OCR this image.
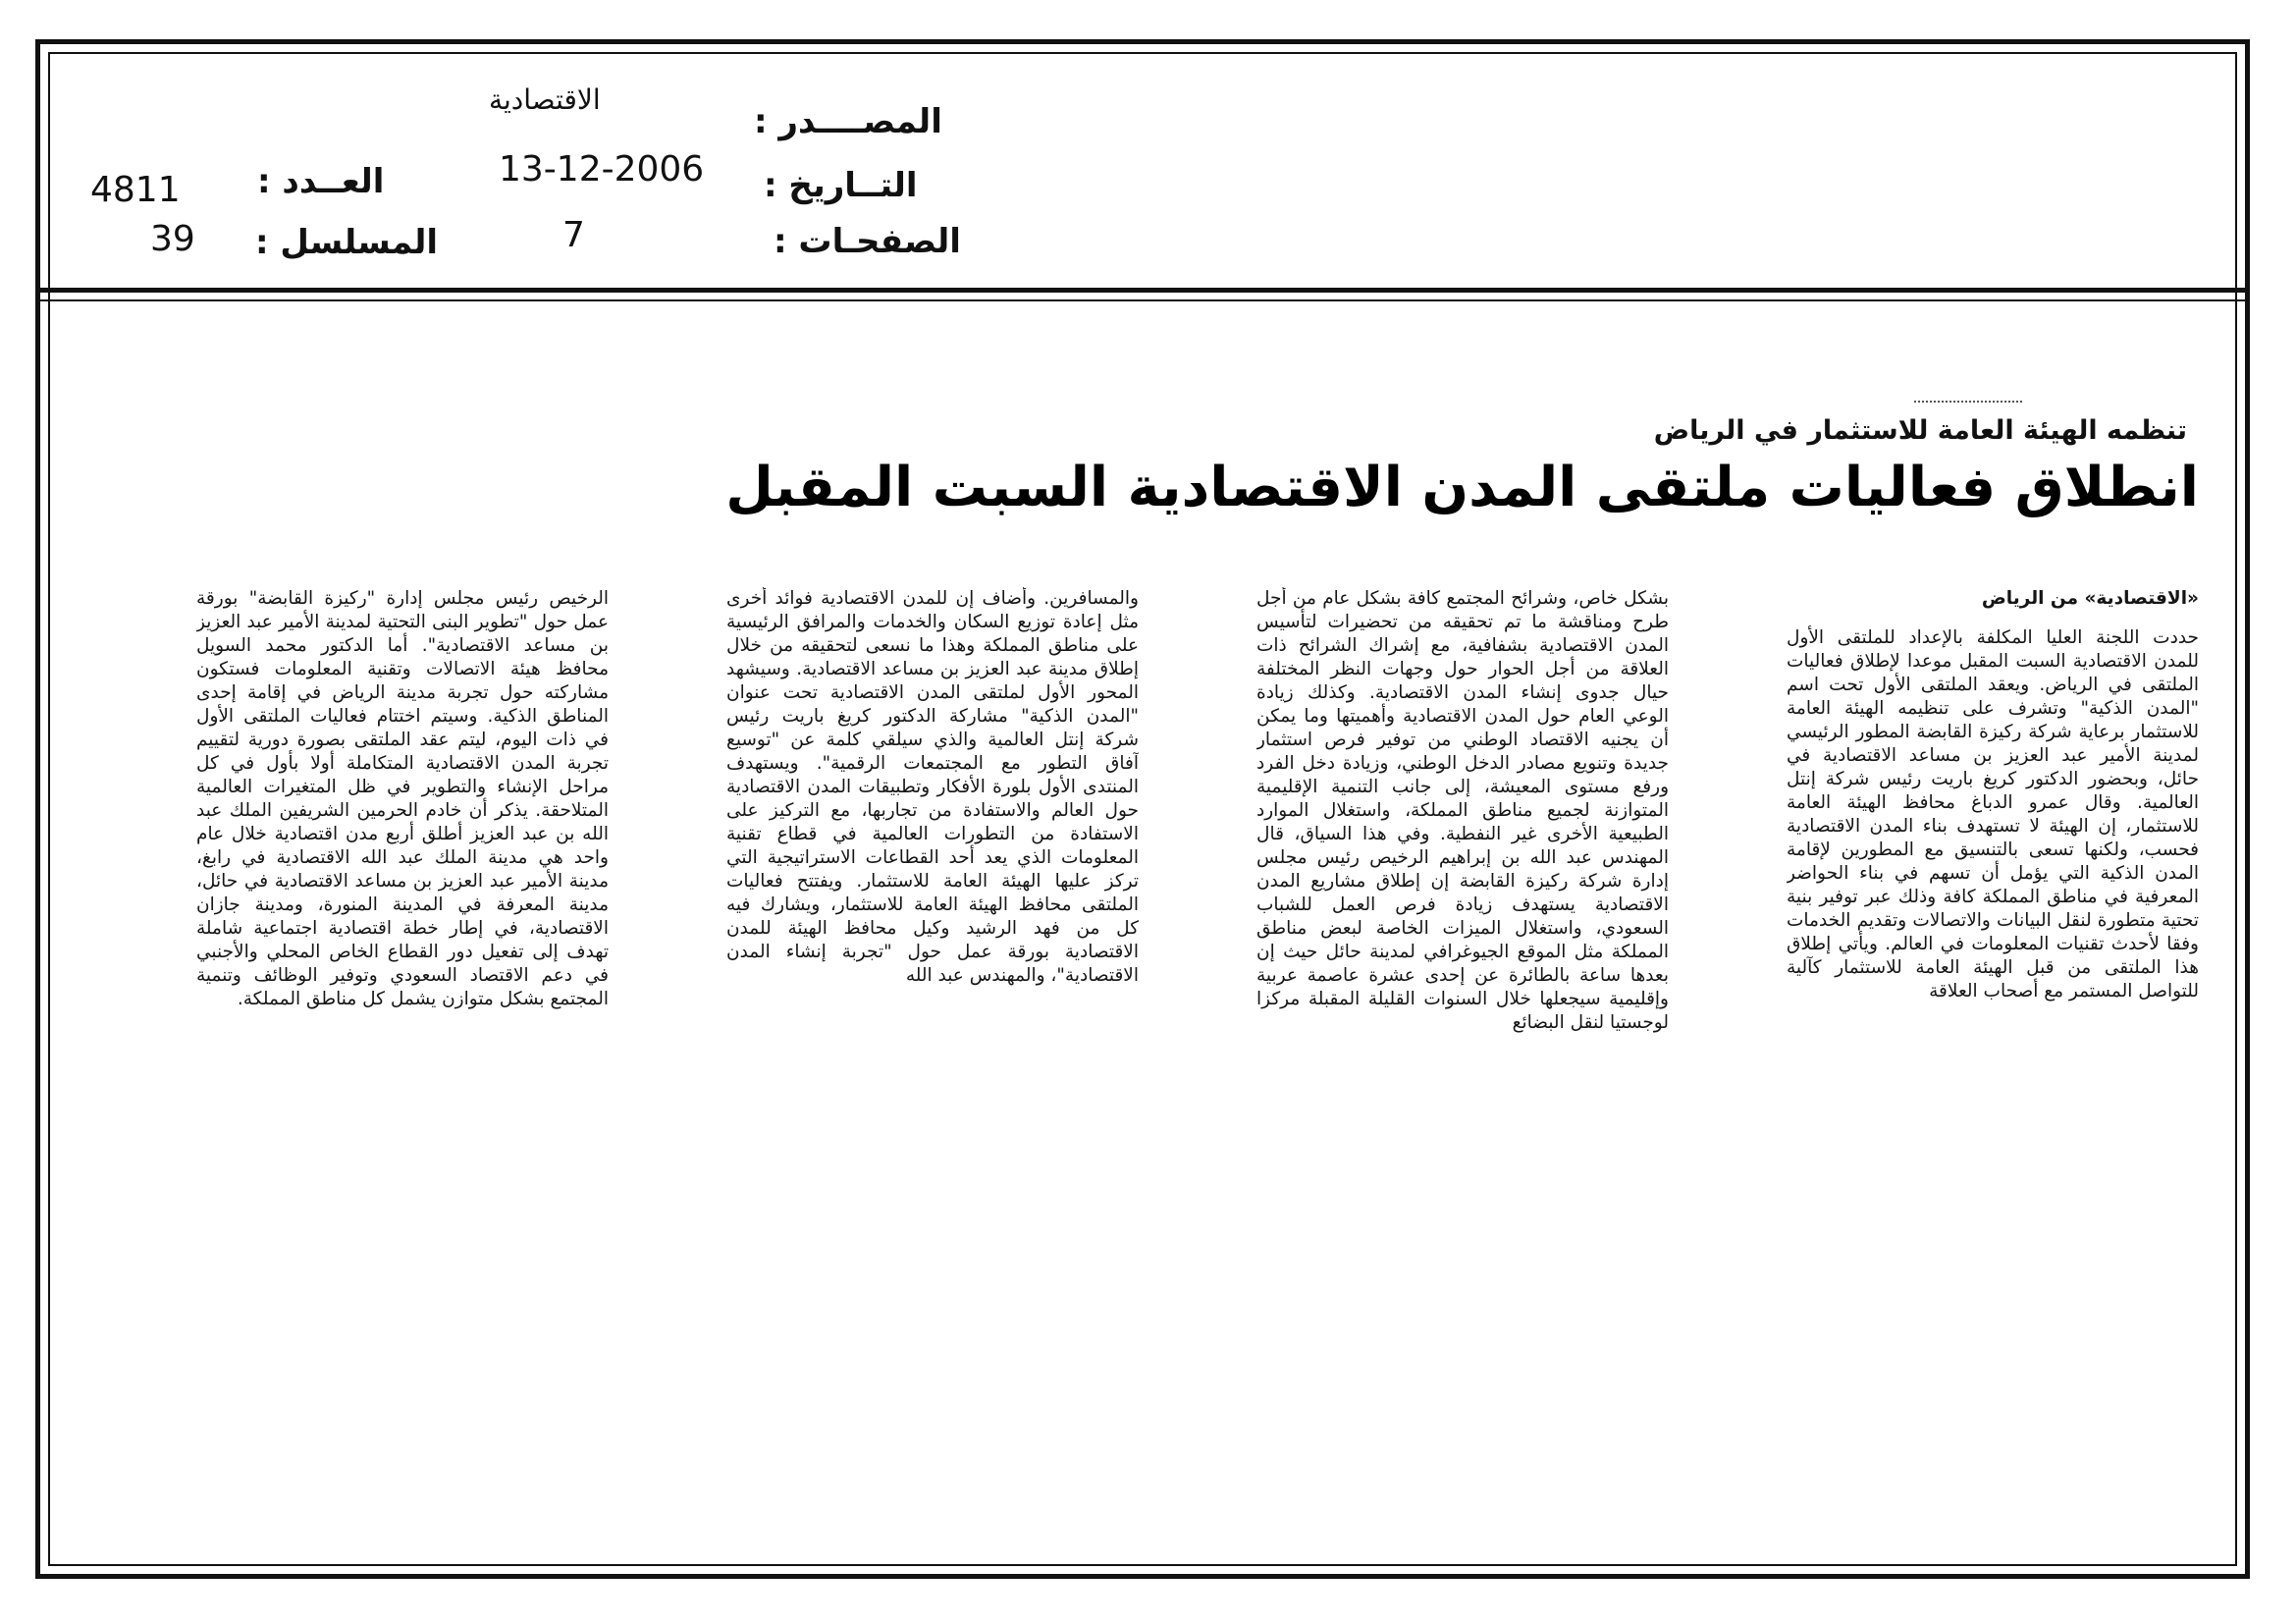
الاقتصادية
المصــــدر :
13-12-2006 التــاريخ :
7	الصفحـات :
4811 العــدد :
39 المسلسل :
تنظمه الهيئة العامة للاستثمار في الرياض
انطلاق فعاليات ملتقى المدن الاقتصادية السبت المقبل

«الاقتصادية» من الرياض

حددت اللجنة العليا المكلفة بالإعداد للملتقى الأول للمدن الاقتصادية السبت المقبل موعدا لإطلاق فعاليات الملتقى في الرياض. ويعقد الملتقى الأول تحت اسم "المدن الذكية" وتشرف على تنظيمه الهيئة العامة للاستثمار برعاية شركة ركيزة القابضة المطور الرئيسي لمدينة الأمير عبد العزيز بن مساعد الاقتصادية في حائل، وبحضور الدكتور كريغ باريت رئيس شركة إنتل العالمية. وقال عمرو الدباغ محافظ الهيئة العامة للاستثمار، إن الهيئة لا تستهدف بناء المدن الاقتصادية فحسب، ولكنها تسعى بالتنسيق مع المطورين لإقامة المدن الذكية التي يؤمل أن تسهم في بناء الحواضر المعرفية في مناطق المملكة كافة وذلك عبر توفير بنية تحتية متطورة لنقل البيانات والاتصالات وتقديم الخدمات وفقا لأحدث تقنيات المعلومات في العالم. ويأتي إطلاق هذا الملتقى من قبل الهيئة العامة للاستثمار كآلية للتواصل المستمر مع أصحاب العلاقة

بشكل خاص، وشرائح المجتمع كافة بشكل عام من أجل طرح ومناقشة ما تم تحقيقه من تحضيرات لتأسيس المدن الاقتصادية بشفافية، مع إشراك الشرائح ذات العلاقة من أجل الحوار حول وجهات النظر المختلفة حيال جدوى إنشاء المدن الاقتصادية. وكذلك زيادة الوعي العام حول المدن الاقتصادية وأهميتها وما يمكن أن يجنيه الاقتصاد الوطني من توفير فرص استثمار جديدة وتنويع مصادر الدخل الوطني، وزيادة دخل الفرد ورفع مستوى المعيشة، إلى جانب التنمية الإقليمية المتوازنة لجميع مناطق المملكة، واستغلال الموارد الطبيعية الأخرى غير النفطية. وفي هذا السياق، قال المهندس عبد الله بن إبراهيم الرخيص رئيس مجلس إدارة شركة ركيزة القابضة إن إطلاق مشاريع المدن الاقتصادية يستهدف زيادة فرص العمل للشباب السعودي، واستغلال الميزات الخاصة لبعض مناطق المملكة مثل الموقع الجيوغرافي لمدينة حائل حيث إن بعدها ساعة بالطائرة عن إحدى عشرة عاصمة عربية وإقليمية سيجعلها خلال السنوات القليلة المقبلة مركزا لوجستيا لنقل البضائع

والمسافرين. وأضاف إن للمدن الاقتصادية فوائد أخرى مثل إعادة توزيع السكان والخدمات والمرافق الرئيسية على مناطق المملكة وهذا ما نسعى لتحقيقه من خلال إطلاق مدينة عبد العزيز بن مساعد الاقتصادية. وسيشهد المحور الأول لملتقى المدن الاقتصادية تحت عنوان "المدن الذكية" مشاركة الدكتور كريغ باريت رئيس شركة إنتل العالمية والذي سيلقي كلمة عن "توسيع آفاق التطور مع المجتمعات الرقمية". ويستهدف المنتدى الأول بلورة الأفكار وتطبيقات المدن الاقتصادية حول العالم والاستفادة من تجاربها، مع التركيز على الاستفادة من التطورات العالمية في قطاع تقنية المعلومات الذي يعد أحد القطاعات الاستراتيجية التي تركز عليها الهيئة العامة للاستثمار. ويفتتح فعاليات الملتقى محافظ الهيئة العامة للاستثمار، ويشارك فيه كل من فهد الرشيد وكيل محافظ الهيئة للمدن الاقتصادية بورقة عمل حول "تجربة إنشاء المدن الاقتصادية"، والمهندس عبد الله

الرخيص رئيس مجلس إدارة "ركيزة القابضة" بورقة عمل حول "تطوير البنى التحتية لمدينة الأمير عبد العزيز بن مساعد الاقتصادية". أما الدكتور محمد السويل محافظ هيئة الاتصالات وتقنية المعلومات فستكون مشاركته حول تجربة مدينة الرياض في إقامة إحدى المناطق الذكية. وسيتم اختتام فعاليات الملتقى الأول في ذات اليوم، ليتم عقد الملتقى بصورة دورية لتقييم تجربة المدن الاقتصادية المتكاملة أولا بأول في كل مراحل الإنشاء والتطوير في ظل المتغيرات العالمية المتلاحقة. يذكر أن خادم الحرمين الشريفين الملك عبد الله بن عبد العزيز أطلق أربع مدن اقتصادية خلال عام واحد هي مدينة الملك عبد الله الاقتصادية في رابغ، مدينة الأمير عبد العزيز بن مساعد الاقتصادية في حائل، مدينة المعرفة في المدينة المنورة، ومدينة جازان الاقتصادية، في إطار خطة اقتصادية اجتماعية شاملة تهدف إلى تفعيل دور القطاع الخاص المحلي والأجنبي في دعم الاقتصاد السعودي وتوفير الوظائف وتنمية المجتمع بشكل متوازن يشمل كل مناطق المملكة.
